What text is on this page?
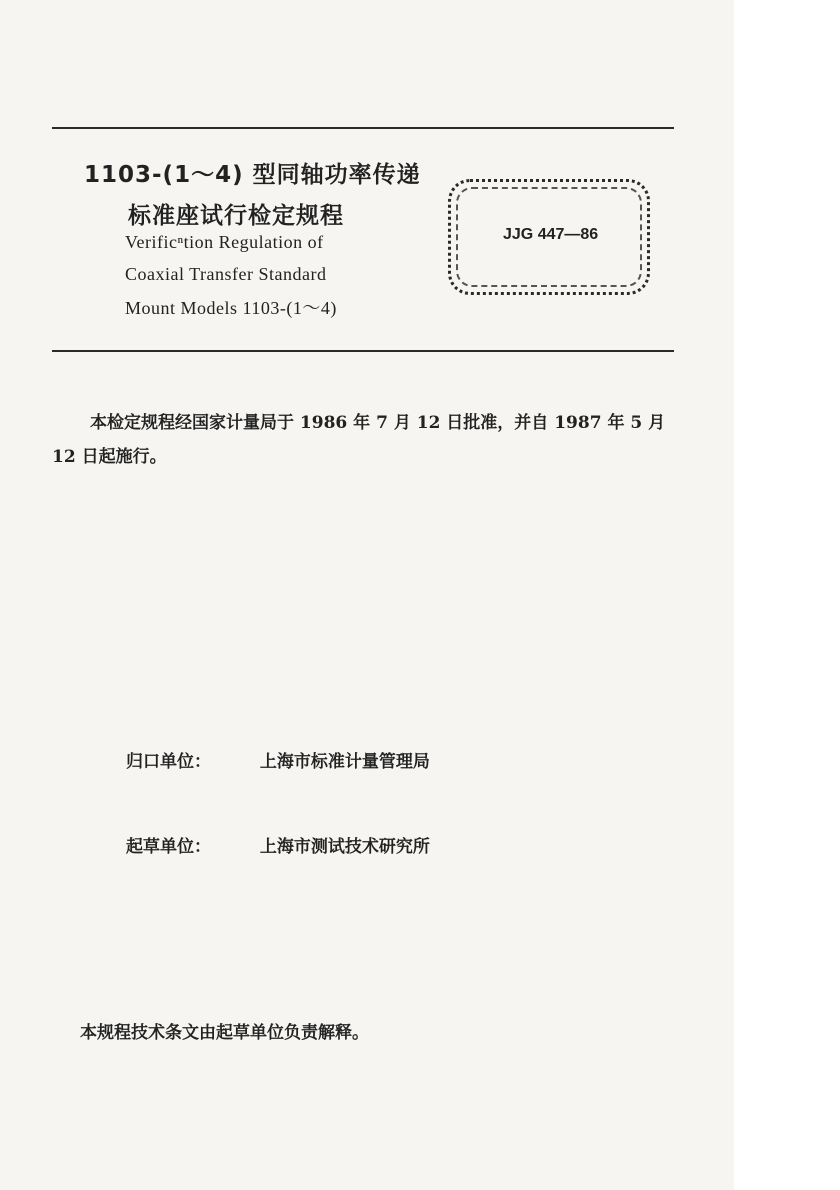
1103-(1～4) 型同轴功率传递
标准座试行检定规程
Verificⁿtion Regulation of
Coaxial Transfer Standard
Mount Models 1103-(1～4)
JJG 447—86
本检定规程经国家计量局于 1986 年 7 月 12 日批准，并自 1987 年 5 月 12 日起施行。
归口单位：	上海市标准计量管理局
起草单位：	上海市测试技术研究所
本规程技术条文由起草单位负责解释。
